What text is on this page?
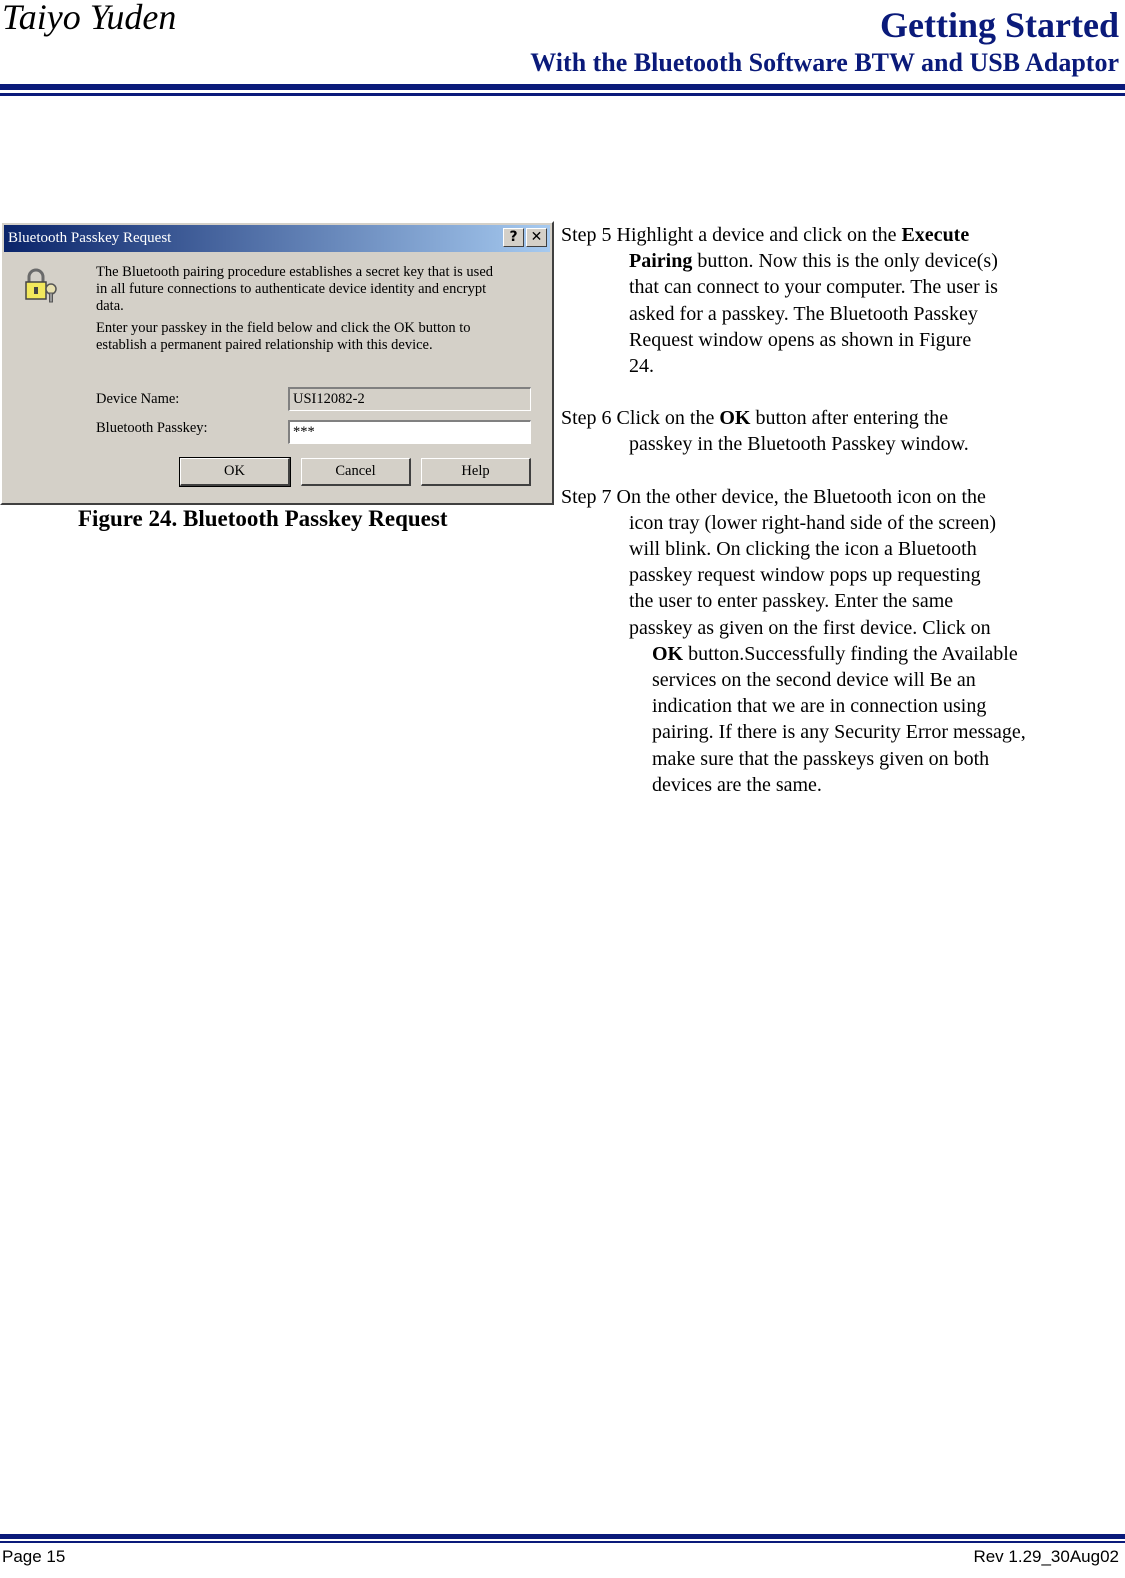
Taiyo Yuden	Getting Started
With the Bluetooth Software BTW and USB Adaptor
Bluetooth Passkey Request	? ✕
The Bluetooth pairing procedure establishes a secret key that is used
in all future connections to authenticate device identity and encrypt
data.
Enter your passkey in the field below and click the OK button to
establish a permanent paired relationship with this device.
Device Name:	USI12082-2
Bluetooth Passkey:	***
OK	Cancel	Help
Figure 24. Bluetooth Passkey Request
Step 5 Highlight a device and click on the Execute
Pairing button. Now this is the only device(s)
that can connect to your computer. The user is
asked for a passkey. The Bluetooth Passkey
Request window opens as shown in Figure
24.
Step 6 Click on the OK button after entering the
passkey in the Bluetooth Passkey window.
Step 7 On the other device, the Bluetooth icon on the
icon tray (lower right-hand side of the screen)
will blink. On clicking the icon a Bluetooth
passkey request window pops up requesting
the user to enter passkey. Enter the same
passkey as given on the first device. Click on
OK button.Successfully finding the Available
services on the second device will Be an
indication that we are in connection using
pairing. If there is any Security Error message,
make sure that the passkeys given on both
devices are the same.
Page 15	Rev 1.29_30Aug02
